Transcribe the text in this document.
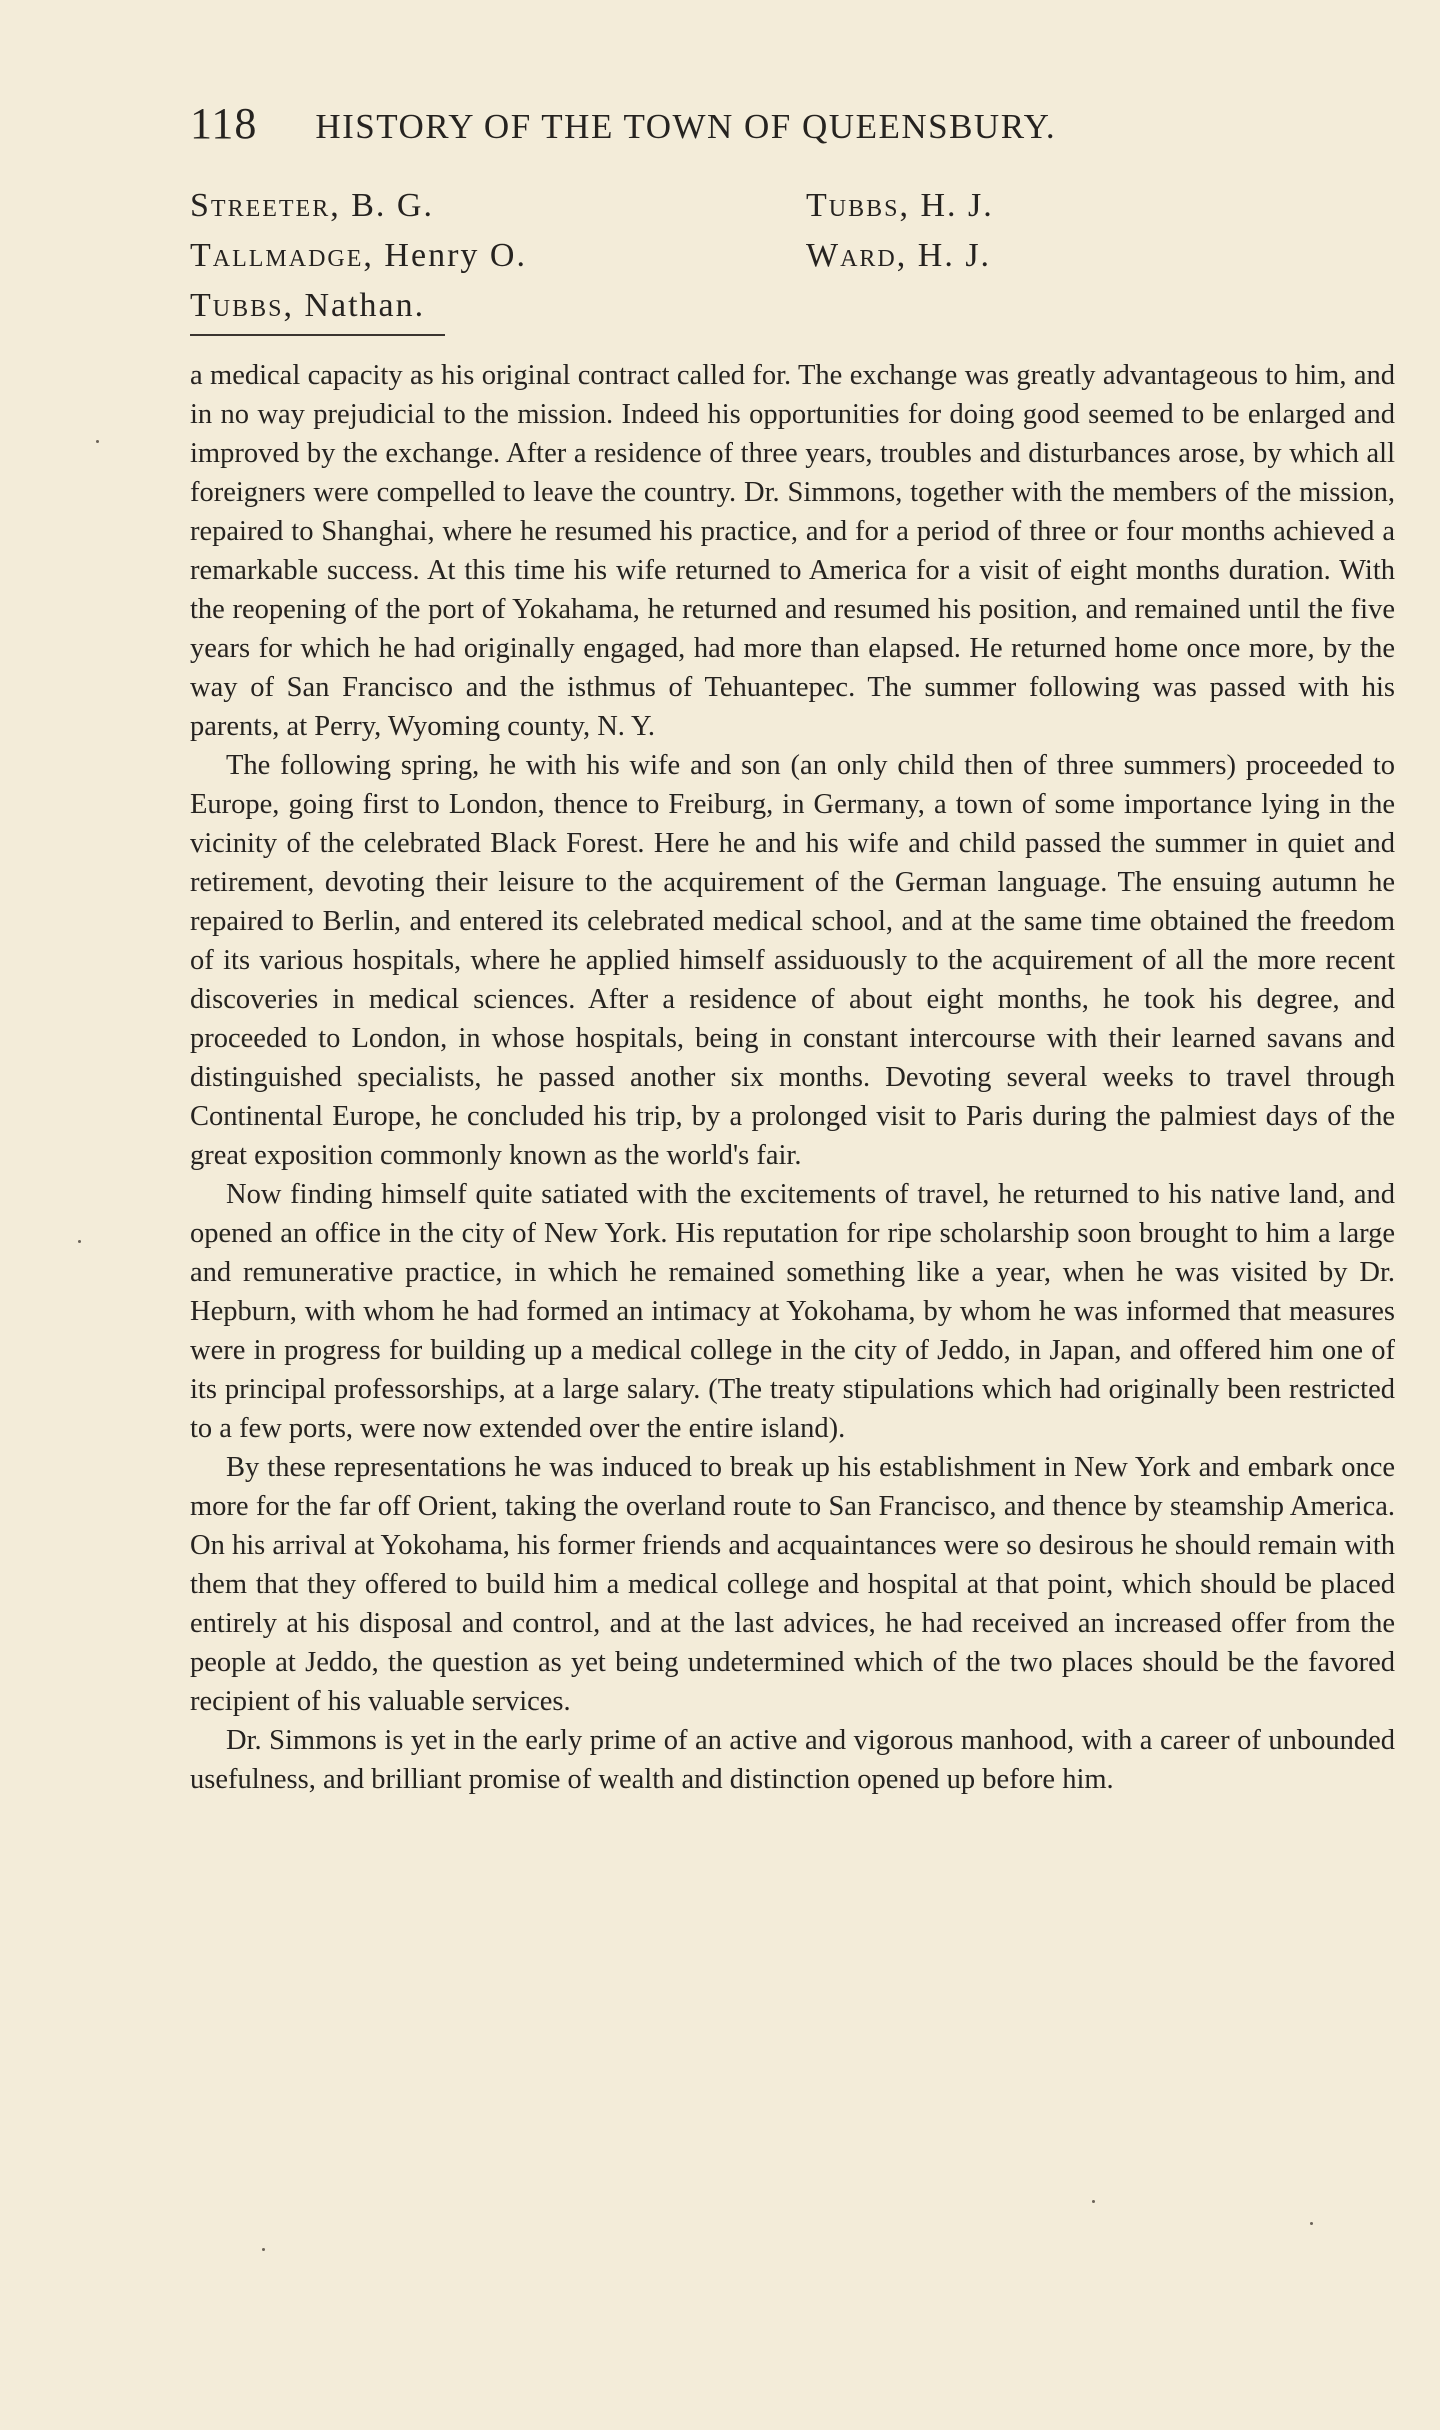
118 HISTORY OF THE TOWN OF QUEENSBURY.
Streeter, B. G.
Tallmadge, Henry O.
Tubbs, Nathan.
Tubbs, H. J.
Ward, H. J.

a medical capacity as his original contract called for. The exchange was greatly advantageous to him, and in no way prejudicial to the mission. Indeed his opportunities for doing good seemed to be enlarged and improved by the exchange. After a residence of three years, troubles and disturbances arose, by which all foreigners were compelled to leave the country. Dr. Simmons, together with the members of the mission, repaired to Shanghai, where he resumed his practice, and for a period of three or four months achieved a remarkable success. At this time his wife returned to America for a visit of eight months duration. With the reopening of the port of Yokahama, he returned and resumed his position, and remained until the five years for which he had originally engaged, had more than elapsed. He returned home once more, by the way of San Francisco and the isthmus of Tehuantepec. The summer following was passed with his parents, at Perry, Wyoming county, N. Y.

The following spring, he with his wife and son (an only child then of three summers) proceeded to Europe, going first to London, thence to Freiburg, in Germany, a town of some importance lying in the vicinity of the celebrated Black Forest. Here he and his wife and child passed the summer in quiet and retirement, devoting their leisure to the acquirement of the German language. The ensuing autumn he repaired to Berlin, and entered its celebrated medical school, and at the same time obtained the freedom of its various hospitals, where he applied himself assiduously to the acquirement of all the more recent discoveries in medical sciences. After a residence of about eight months, he took his degree, and proceeded to London, in whose hospitals, being in constant intercourse with their learned savans and distinguished specialists, he passed another six months. Devoting several weeks to travel through Continental Europe, he concluded his trip, by a prolonged visit to Paris during the palmiest days of the great exposition commonly known as the world's fair.

Now finding himself quite satiated with the excitements of travel, he returned to his native land, and opened an office in the city of New York. His reputation for ripe scholarship soon brought to him a large and remunerative practice, in which he remained something like a year, when he was visited by Dr. Hepburn, with whom he had formed an intimacy at Yokohama, by whom he was informed that measures were in progress for building up a medical college in the city of Jeddo, in Japan, and offered him one of its principal professorships, at a large salary. (The treaty stipulations which had originally been restricted to a few ports, were now extended over the entire island).

By these representations he was induced to break up his establishment in New York and embark once more for the far off Orient, taking the overland route to San Francisco, and thence by steamship America. On his arrival at Yokohama, his former friends and acquaintances were so desirous he should remain with them that they offered to build him a medical college and hospital at that point, which should be placed entirely at his disposal and control, and at the last advices, he had received an increased offer from the people at Jeddo, the question as yet being undetermined which of the two places should be the favored recipient of his valuable services.

Dr. Simmons is yet in the early prime of an active and vigorous manhood, with a career of unbounded usefulness, and brilliant promise of wealth and distinction opened up before him.
